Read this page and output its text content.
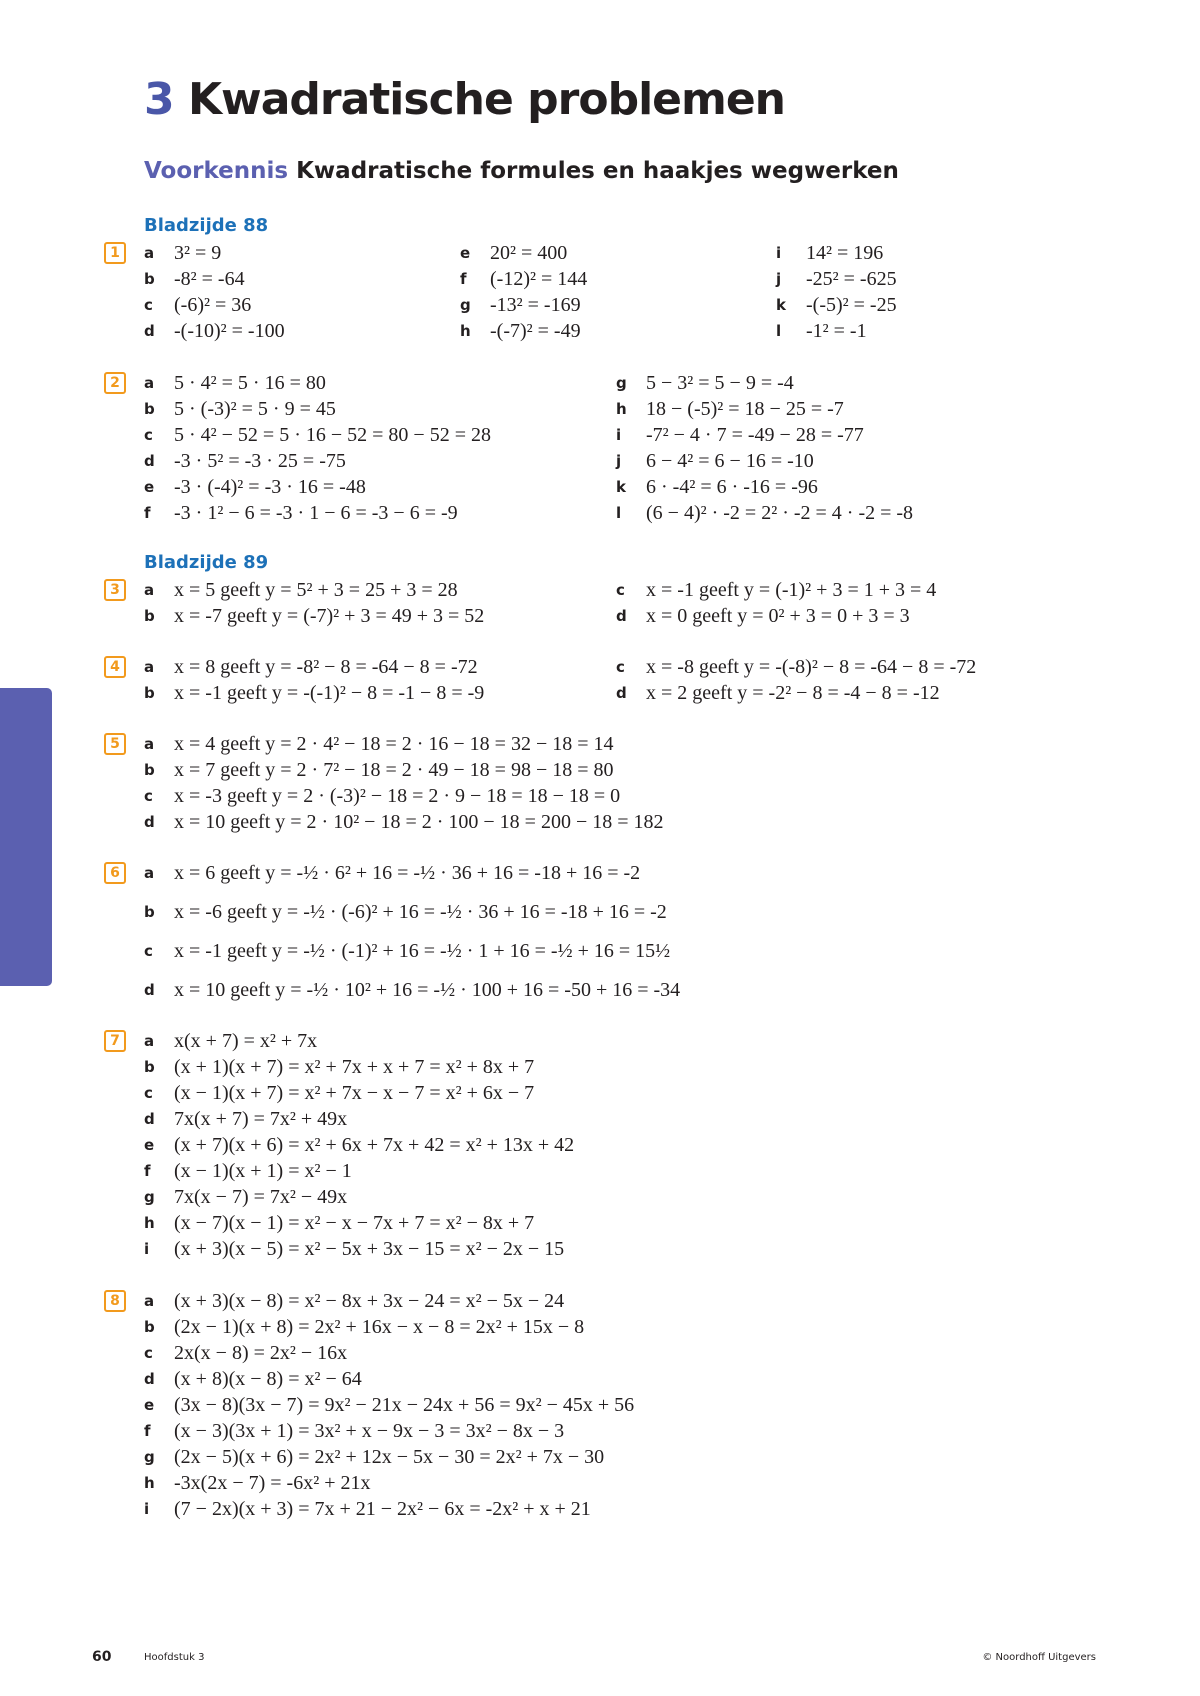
3 Kwadratische problemen
Voorkennis Kwadratische formules en haakjes wegwerken
Bladzijde 88
Bladzijde 89
1	a 3² = 9
b -8² = -64
c (-6)² = 36
d -(-10)² = -100
e 20² = 400
f (-12)² = 144
g -13² = -169
h -(-7)² = -49
i 14² = 196
j -25² = -625
k -(-5)² = -25
l -1² = -1
2	a 5 · 4² = 5 · 16 = 80
b 5 · (-3)² = 5 · 9 = 45
c 5 · 4² − 52 = 5 · 16 − 52 = 80 − 52 = 28
d -3 · 5² = -3 · 25 = -75
e -3 · (-4)² = -3 · 16 = -48
f -3 · 1² − 6 = -3 · 1 − 6 = -3 − 6 = -9
g 5 − 3² = 5 − 9 = -4
h 18 − (-5)² = 18 − 25 = -7
i -7² − 4 · 7 = -49 − 28 = -77
j 6 − 4² = 6 − 16 = -10
k 6 · -4² = 6 · -16 = -96
l (6 − 4)² · -2 = 2² · -2 = 4 · -2 = -8
3	a x = 5 geeft y = 5² + 3 = 25 + 3 = 28
b x = -7 geeft y = (-7)² + 3 = 49 + 3 = 52
c x = -1 geeft y = (-1)² + 3 = 1 + 3 = 4
d x = 0 geeft y = 0² + 3 = 0 + 3 = 3
4	a x = 8 geeft y = -8² − 8 = -64 − 8 = -72
b x = -1 geeft y = -(-1)² − 8 = -1 − 8 = -9
c x = -8 geeft y = -(-8)² − 8 = -64 − 8 = -72
d x = 2 geeft y = -2² − 8 = -4 − 8 = -12
5	a x = 4 geeft y = 2 · 4² − 18 = 2 · 16 − 18 = 32 − 18 = 14
b x = 7 geeft y = 2 · 7² − 18 = 2 · 49 − 18 = 98 − 18 = 80
c x = -3 geeft y = 2 · (-3)² − 18 = 2 · 9 − 18 = 18 − 18 = 0
d x = 10 geeft y = 2 · 10² − 18 = 2 · 100 − 18 = 200 − 18 = 182
6	a x = 6 geeft y = -½ · 6² + 16 = -½ · 36 + 16 = -18 + 16 = -2
b x = -6 geeft y = -½ · (-6)² + 16 = -½ · 36 + 16 = -18 + 16 = -2
c x = -1 geeft y = -½ · (-1)² + 16 = -½ · 1 + 16 = -½ + 16 = 15½
d x = 10 geeft y = -½ · 10² + 16 = -½ · 100 + 16 = -50 + 16 = -34
7	a x(x + 7) = x² + 7x
b (x + 1)(x + 7) = x² + 7x + x + 7 = x² + 8x + 7
c (x − 1)(x + 7) = x² + 7x − x − 7 = x² + 6x − 7
d 7x(x + 7) = 7x² + 49x
e (x + 7)(x + 6) = x² + 6x + 7x + 42 = x² + 13x + 42
f (x − 1)(x + 1) = x² − 1
g 7x(x − 7) = 7x² − 49x
h (x − 7)(x − 1) = x² − x − 7x + 7 = x² − 8x + 7
i (x + 3)(x − 5) = x² − 5x + 3x − 15 = x² − 2x − 15
8	a (x + 3)(x − 8) = x² − 8x + 3x − 24 = x² − 5x − 24
b (2x − 1)(x + 8) = 2x² + 16x − x − 8 = 2x² + 15x − 8
c 2x(x − 8) = 2x² − 16x
d (x + 8)(x − 8) = x² − 64
e (3x − 8)(3x − 7) = 9x² − 21x − 24x + 56 = 9x² − 45x + 56
f (x − 3)(3x + 1) = 3x² + x − 9x − 3 = 3x² − 8x − 3
g (2x − 5)(x + 6) = 2x² + 12x − 5x − 30 = 2x² + 7x − 30
h -3x(2x − 7) = -6x² + 21x
i (7 − 2x)(x + 3) = 7x + 21 − 2x² − 6x = -2x² + x + 21
60	Hoofdstuk 3	© Noordhoff Uitgevers
